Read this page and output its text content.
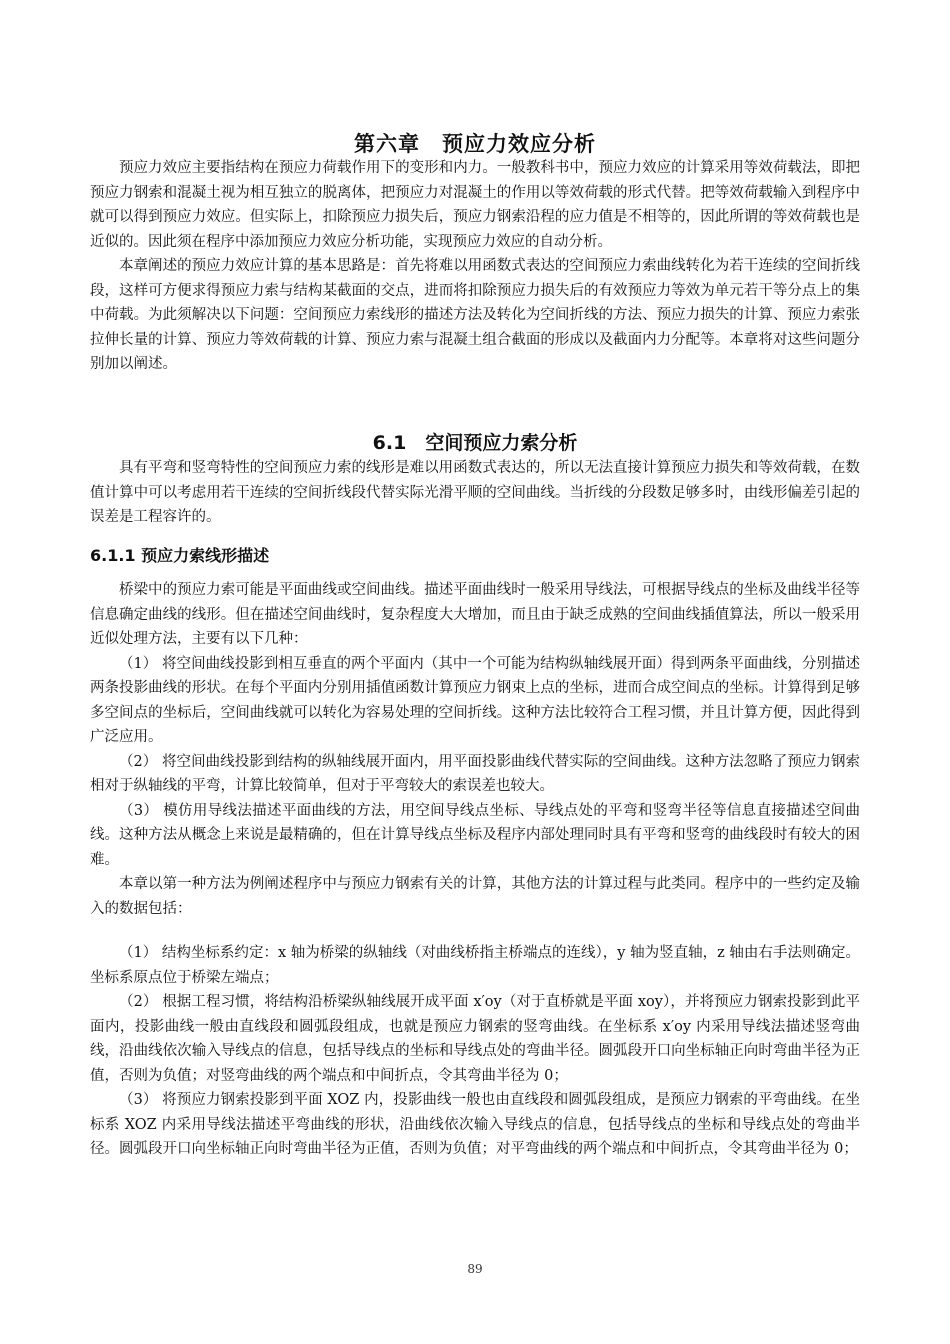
第六章　预应力效应分析

预应力效应主要指结构在预应力荷载作用下的变形和内力。一般教科书中，预应力效应的计算采用等效荷载法，即把预应力钢索和混凝土视为相互独立的脱离体，把预应力对混凝土的作用以等效荷载的形式代替。把等效荷载输入到程序中就可以得到预应力效应。但实际上，扣除预应力损失后，预应力钢索沿程的应力值是不相等的，因此所谓的等效荷载也是近似的。因此须在程序中添加预应力效应分析功能，实现预应力效应的自动分析。

本章阐述的预应力效应计算的基本思路是：首先将难以用函数式表达的空间预应力索曲线转化为若干连续的空间折线段，这样可方便求得预应力索与结构某截面的交点，进而将扣除预应力损失后的有效预应力等效为单元若干等分点上的集中荷载。为此须解决以下问题：空间预应力索线形的描述方法及转化为空间折线的方法、预应力损失的计算、预应力索张拉伸长量的计算、预应力等效荷载的计算、预应力索与混凝土组合截面的形成以及截面内力分配等。本章将对这些问题分别加以阐述。

6.1　空间预应力索分析

具有平弯和竖弯特性的空间预应力索的线形是难以用函数式表达的，所以无法直接计算预应力损失和等效荷载，在数值计算中可以考虑用若干连续的空间折线段代替实际光滑平顺的空间曲线。当折线的分段数足够多时，由线形偏差引起的误差是工程容许的。

6.1.1 预应力索线形描述

桥梁中的预应力索可能是平面曲线或空间曲线。描述平面曲线时一般采用导线法，可根据导线点的坐标及曲线半径等信息确定曲线的线形。但在描述空间曲线时，复杂程度大大增加，而且由于缺乏成熟的空间曲线插值算法，所以一般采用近似处理方法，主要有以下几种：

（1） 将空间曲线投影到相互垂直的两个平面内（其中一个可能为结构纵轴线展开面）得到两条平面曲线，分别描述两条投影曲线的形状。在每个平面内分别用插值函数计算预应力钢束上点的坐标，进而合成空间点的坐标。计算得到足够多空间点的坐标后，空间曲线就可以转化为容易处理的空间折线。这种方法比较符合工程习惯，并且计算方便，因此得到广泛应用。

（2） 将空间曲线投影到结构的纵轴线展开面内，用平面投影曲线代替实际的空间曲线。这种方法忽略了预应力钢索相对于纵轴线的平弯，计算比较简单，但对于平弯较大的索误差也较大。

（3） 模仿用导线法描述平面曲线的方法，用空间导线点坐标、导线点处的平弯和竖弯半径等信息直接描述空间曲线。这种方法从概念上来说是最精确的，但在计算导线点坐标及程序内部处理同时具有平弯和竖弯的曲线段时有较大的困难。

本章以第一种方法为例阐述程序中与预应力钢索有关的计算，其他方法的计算过程与此类同。程序中的一些约定及输入的数据包括：

（1） 结构坐标系约定：x 轴为桥梁的纵轴线（对曲线桥指主桥端点的连线），y 轴为竖直轴，z 轴由右手法则确定。坐标系原点位于桥梁左端点；

（2） 根据工程习惯，将结构沿桥梁纵轴线展开成平面 x′oy（对于直桥就是平面 xoy），并将预应力钢索投影到此平面内，投影曲线一般由直线段和圆弧段组成，也就是预应力钢索的竖弯曲线。在坐标系 x′oy 内采用导线法描述竖弯曲线，沿曲线依次输入导线点的信息，包括导线点的坐标和导线点处的弯曲半径。圆弧段开口向坐标轴正向时弯曲半径为正值，否则为负值；对竖弯曲线的两个端点和中间折点，令其弯曲半径为 0；

（3） 将预应力钢索投影到平面 XOZ 内，投影曲线一般也由直线段和圆弧段组成，是预应力钢索的平弯曲线。在坐标系 XOZ 内采用导线法描述平弯曲线的形状，沿曲线依次输入导线点的信息，包括导线点的坐标和导线点处的弯曲半径。圆弧段开口向坐标轴正向时弯曲半径为正值，否则为负值；对平弯曲线的两个端点和中间折点，令其弯曲半径为 0；

89
